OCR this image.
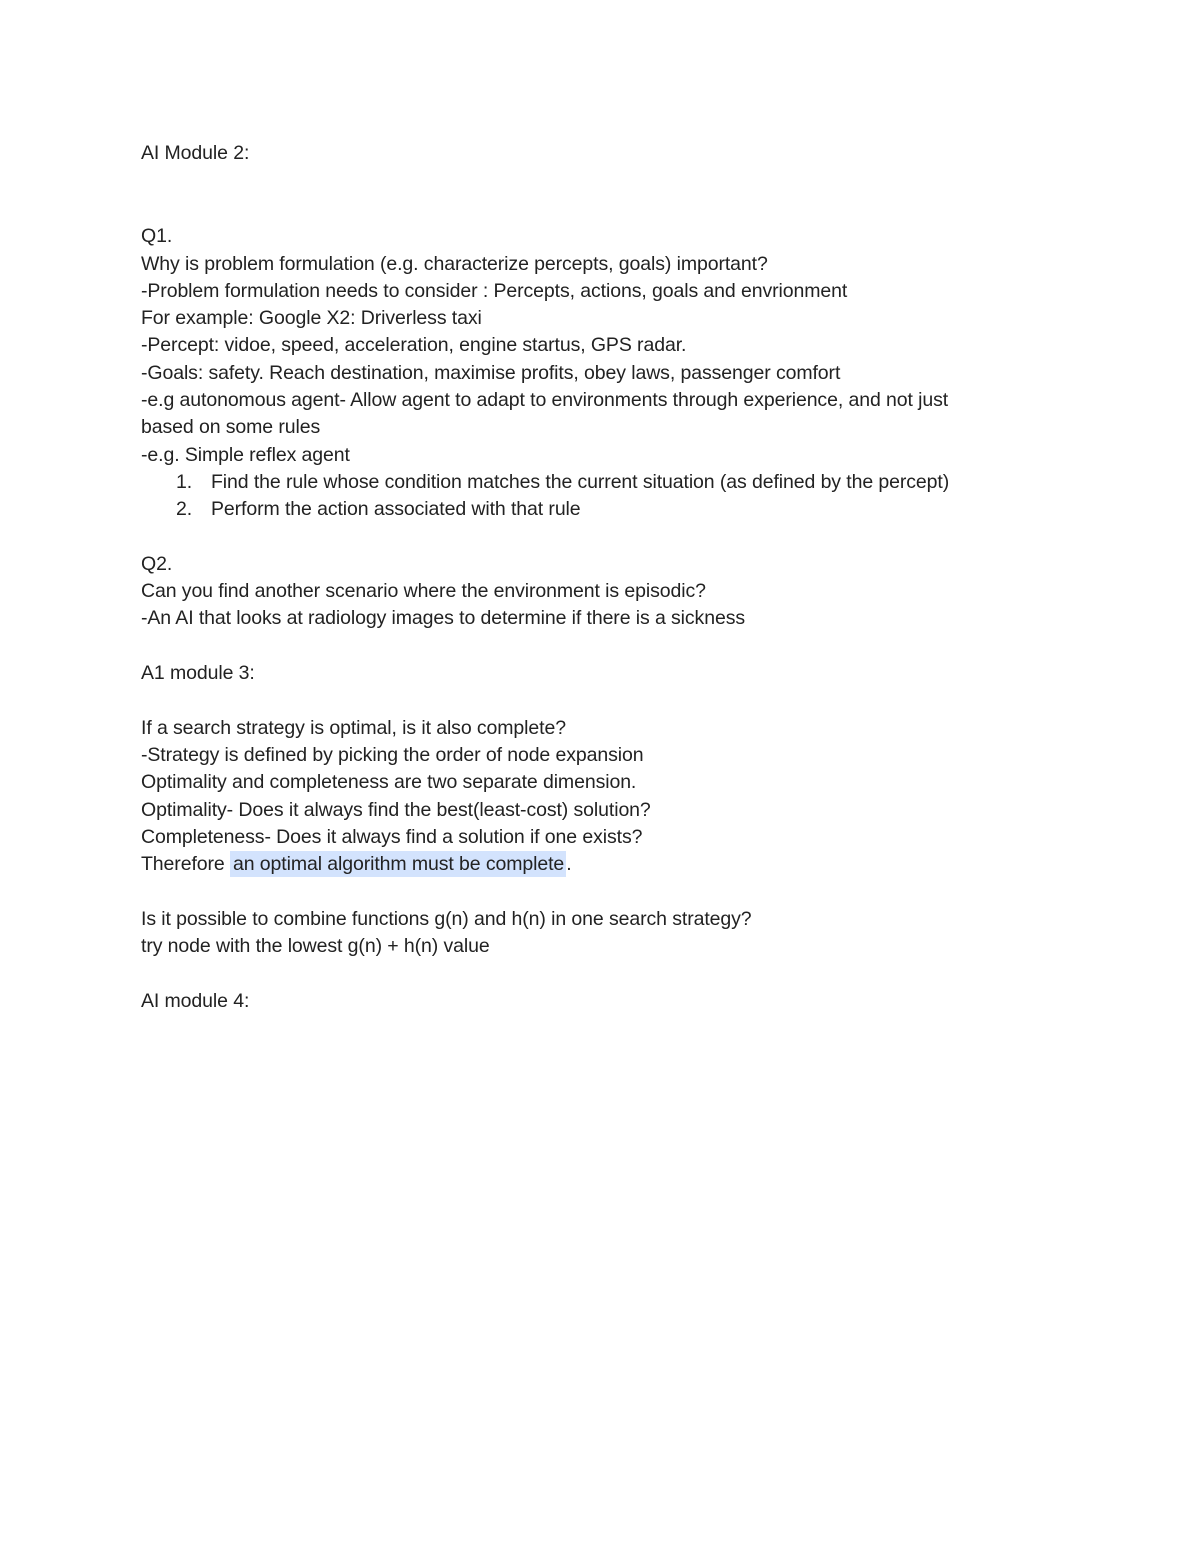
AI Module 2:
Q1.
Why is problem formulation (e.g. characterize percepts, goals) important?
-Problem formulation needs to consider : Percepts, actions, goals and envrionment
For example: Google X2: Driverless taxi
-Percept: vidoe, speed, acceleration, engine startus, GPS radar.
-Goals: safety. Reach destination, maximise profits, obey laws, passenger comfort
-e.g autonomous agent- Allow agent to adapt to environments through experience, and not just
based on some rules
-e.g. Simple reflex agent
1. Find the rule whose condition matches the current situation (as defined by the percept)
2. Perform the action associated with that rule
Q2.
Can you find another scenario where the environment is episodic?
-An AI that looks at radiology images to determine if there is a sickness
A1 module 3:
If a search strategy is optimal, is it also complete?
-Strategy is defined by picking the order of node expansion
Optimality and completeness are two separate dimension.
Optimality- Does it always find the best(least-cost) solution?
Completeness- Does it always find a solution if one exists?
Therefore an optimal algorithm must be complete .
Is it possible to combine functions g(n) and h(n) in one search strategy?
try node with the lowest g(n) + h(n) value
AI module 4:
